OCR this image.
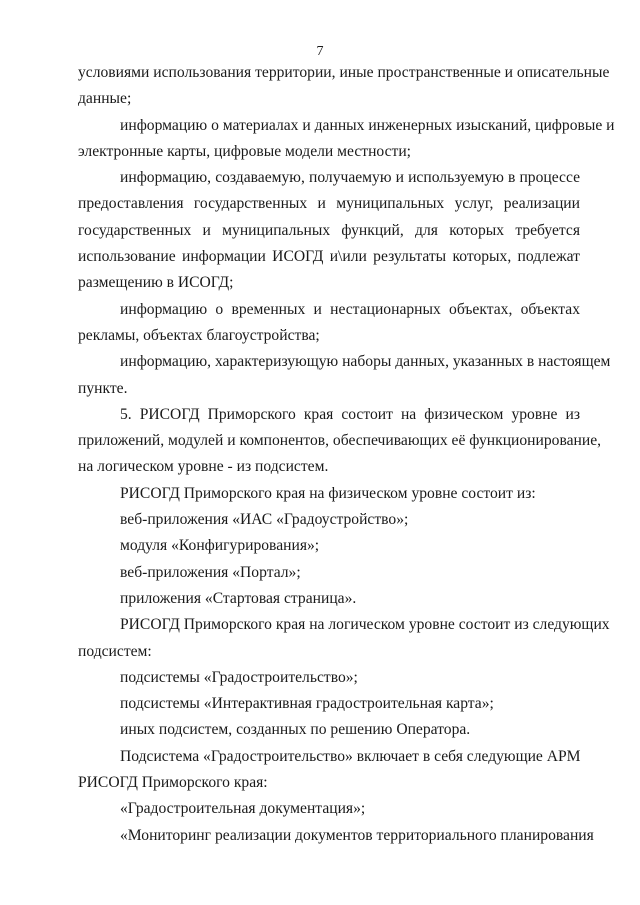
7
условиями использования территории, иные пространственные и описательные
данные;
информацию о материалах и данных инженерных изысканий, цифровые и
электронные карты, цифровые модели местности;
информацию, создаваемую, получаемую и используемую в процессе
предоставления государственных и муниципальных услуг, реализации
государственных и муниципальных функций, для которых требуется
использование информации ИСОГД и\или результаты которых, подлежат
размещению в ИСОГД;
информацию о временных и нестационарных объектах, объектах
рекламы, объектах благоустройства;
информацию, характеризующую наборы данных, указанных в настоящем
пункте.
5. РИСОГД Приморского края состоит на физическом уровне из
приложений, модулей и компонентов, обеспечивающих её функционирование,
на логическом уровне - из подсистем.
РИСОГД Приморского края на физическом уровне состоит из:
веб-приложения «ИАС «Градоустройство»;
модуля «Конфигурирования»;
веб-приложения «Портал»;
приложения «Стартовая страница».
РИСОГД Приморского края на логическом уровне состоит из следующих
подсистем:
подсистемы «Градостроительство»;
подсистемы «Интерактивная градостроительная карта»;
иных подсистем, созданных по решению Оператора.
Подсистема «Градостроительство» включает в себя следующие АРМ
РИСОГД Приморского края:
«Градостроительная документация»;
«Мониторинг реализации документов территориального планирования
